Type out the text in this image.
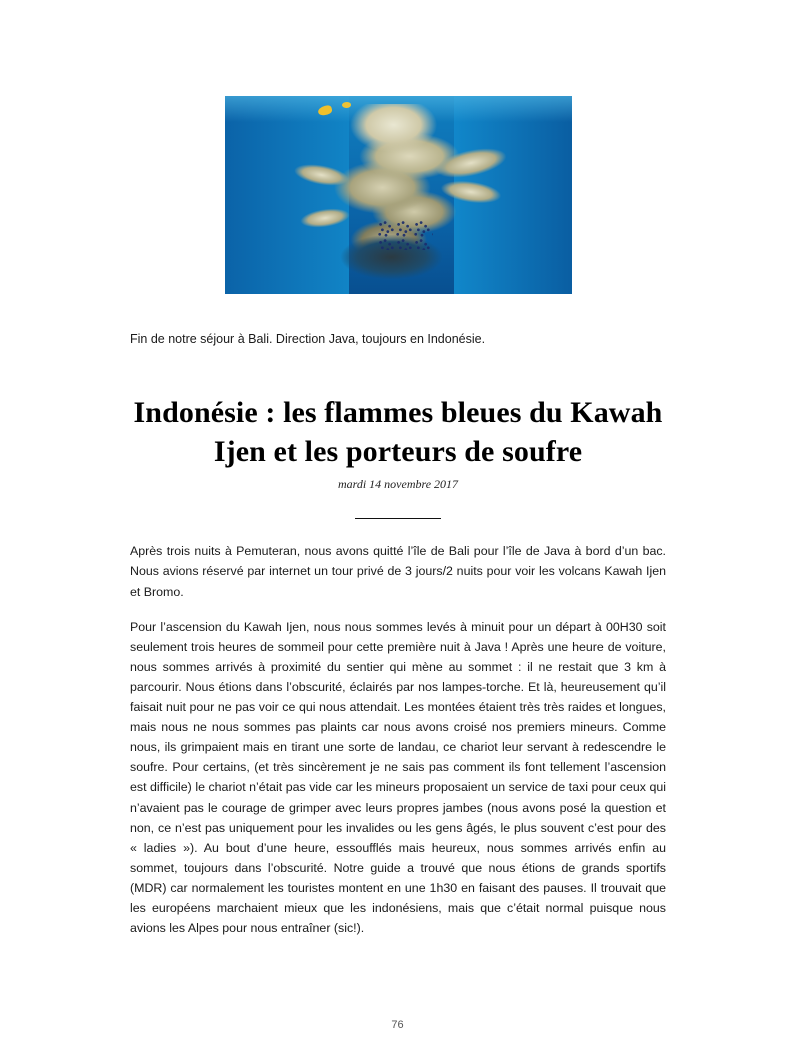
Fin de notre séjour à Bali. Direction Java, toujours en Indonésie.

Indonésie : les flammes bleues du Kawah Ijen et les porteurs de soufre
mardi 14 novembre 2017

Après trois nuits à Pemuteran, nous avons quitté l’île de Bali pour l’île de Java à bord d’un bac. Nous avions réservé par internet un tour privé de 3 jours/2 nuits pour voir les volcans Kawah Ijen et Bromo.

Pour l’ascension du Kawah Ijen, nous nous sommes levés à minuit pour un départ à 00H30 soit seulement trois heures de sommeil pour cette première nuit à Java ! Après une heure de voiture, nous sommes arrivés à proximité du sentier qui mène au sommet : il ne restait que 3 km à parcourir. Nous étions dans l’obscurité, éclairés par nos lampes-torche. Et là, heureusement qu’il faisait nuit pour ne pas voir ce qui nous attendait. Les montées étaient très très raides et longues, mais nous ne nous sommes pas plaints car nous avons croisé nos premiers mineurs. Comme nous, ils grimpaient mais en tirant une sorte de landau, ce chariot leur servant à redescendre le soufre. Pour certains, (et très sincèrement je ne sais pas comment ils font tellement l’ascension est difficile) le chariot n’était pas vide car les mineurs proposaient un service de taxi pour ceux qui n’avaient pas le courage de grimper avec leurs propres jambes (nous avons posé la question et non, ce n’est pas uniquement pour les invalides ou les gens âgés, le plus souvent c’est pour des « ladies »). Au bout d’une heure, essoufflés mais heureux, nous sommes arrivés enfin au sommet, toujours dans l’obscurité. Notre guide a trouvé que nous étions de grands sportifs (MDR) car normalement les touristes montent en une 1h30 en faisant des pauses. Il trouvait que les européens marchaient mieux que les indonésiens, mais que c’était normal puisque nous avions les Alpes pour nous entraîner (sic!).

76
